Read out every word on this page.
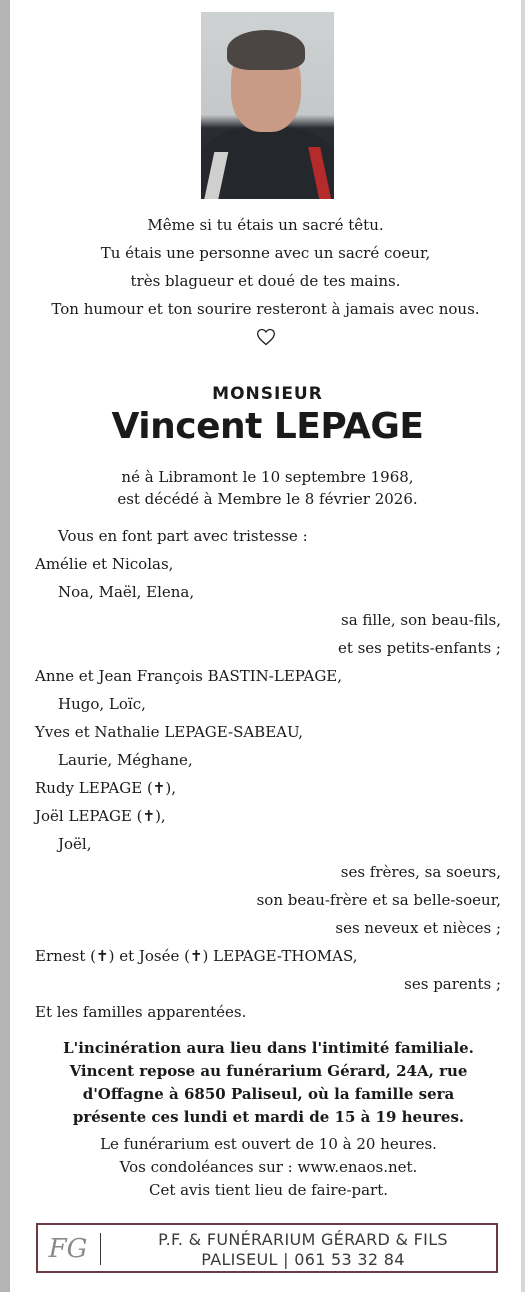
Même si tu étais un sacré têtu.
Tu étais une personne avec un sacré coeur,
très blagueur et doué de tes mains.
Ton humour et ton sourire resteront à jamais avec nous.
MONSIEUR
Vincent LEPAGE
né à Libramont le 10 septembre 1968,
est décédé à Membre le 8 février 2026.
Vous en font part avec tristesse :
Amélie et Nicolas,
Noa, Maël, Elena,
sa fille, son beau-fils,
et ses petits-enfants ;
Anne et Jean François BASTIN-LEPAGE,
Hugo, Loïc,
Yves et Nathalie LEPAGE-SABEAU,
Laurie, Méghane,
Rudy LEPAGE (✝),
Joël LEPAGE (✝),
Joël,
ses frères, sa soeurs,
son beau-frère et sa belle-soeur,
ses neveux et nièces ;
Ernest (✝) et Josée (✝) LEPAGE-THOMAS,
ses parents ;
Et les familles apparentées.
L'incinération aura lieu dans l'intimité familiale.
Vincent repose au funérarium Gérard, 24A, rue
d'Offagne à 6850 Paliseul, où la famille sera
présente ces lundi et mardi de 15 à 19 heures.
Le funérarium est ouvert de 10 à 20 heures.
Vos condoléances sur : www.enaos.net.
Cet avis tient lieu de faire-part.
FG	P.F. & FUNÉRARIUM GÉRARD & FILS
PALISEUL | 061 53 32 84
